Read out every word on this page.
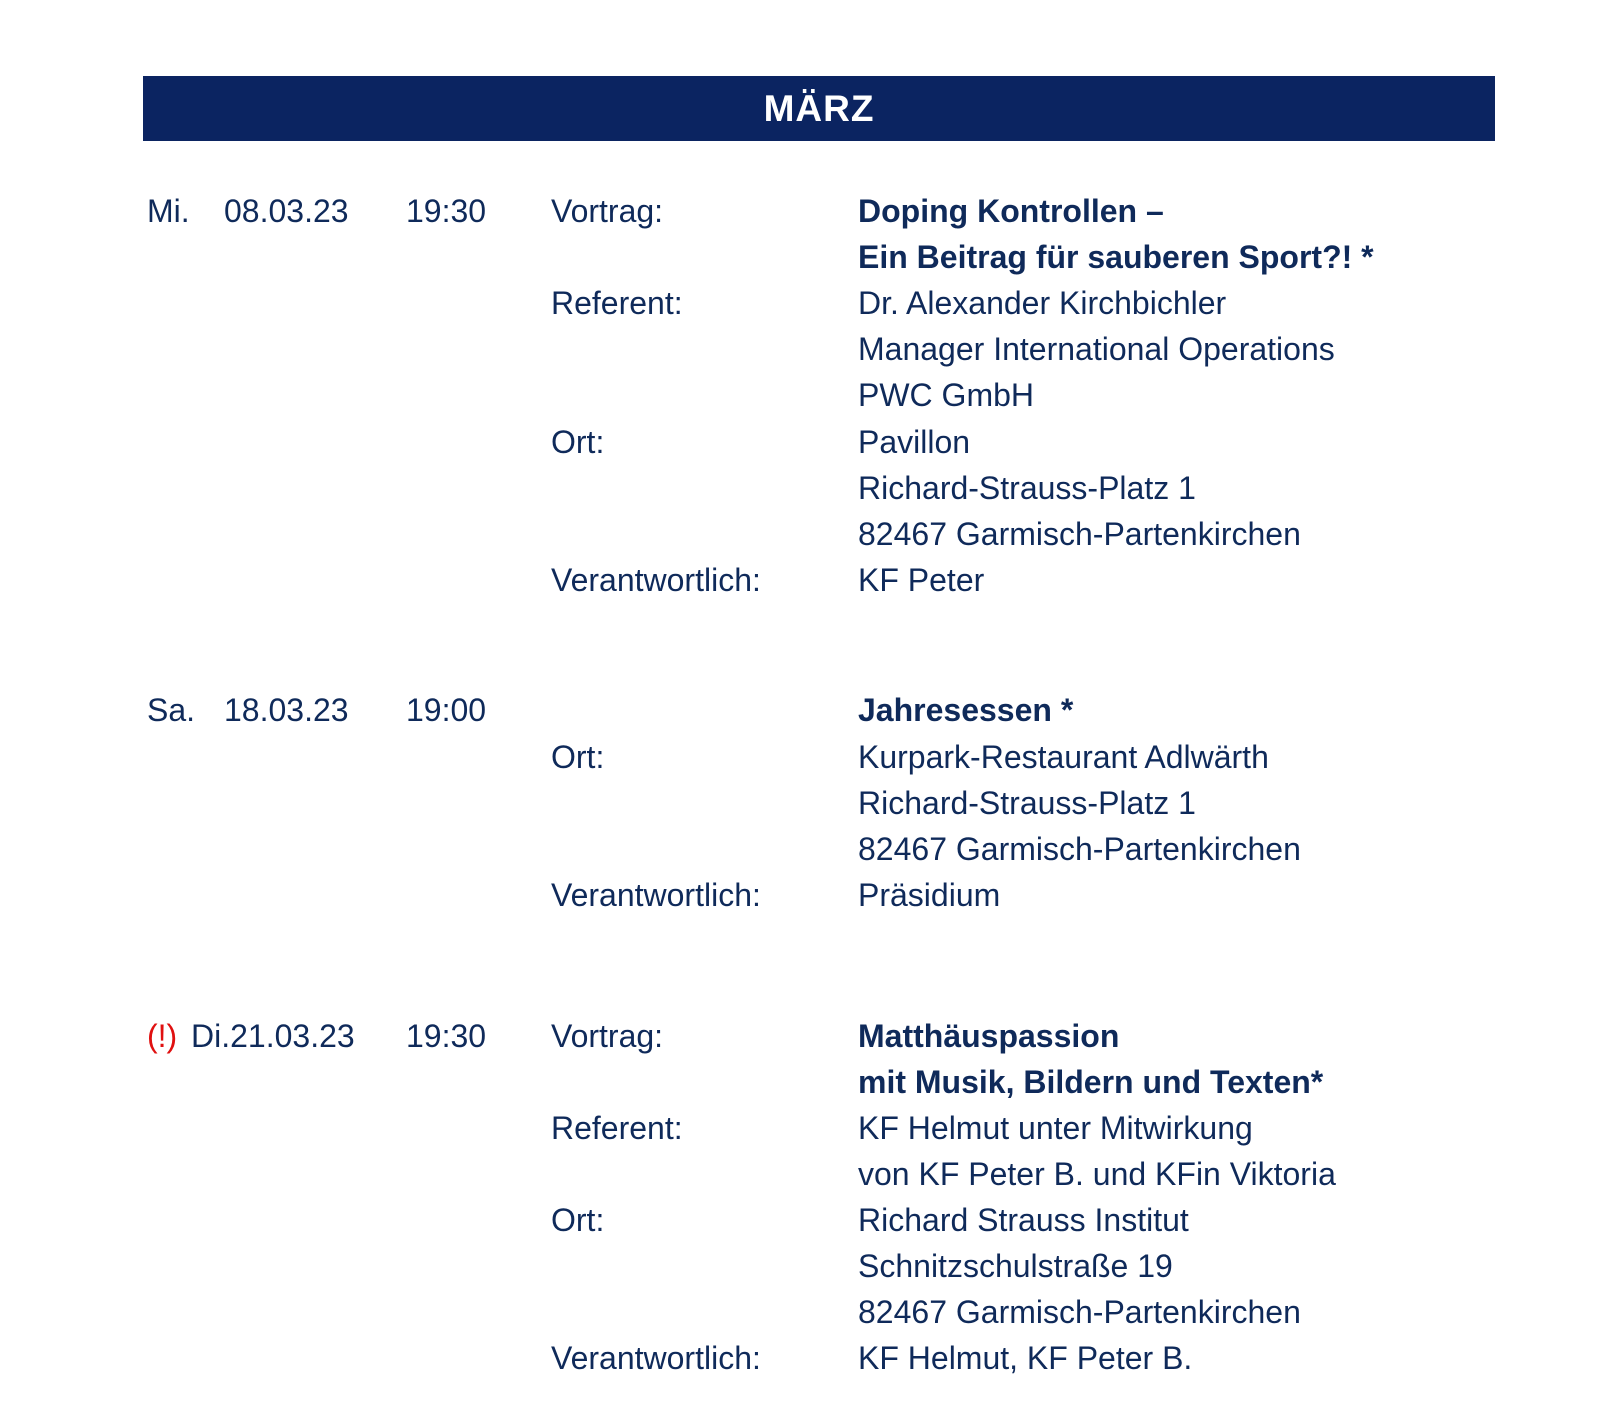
MÄRZ
Mi. 08.03.23 19:30 Vortrag:	Doping Kontrollen –
Ein Beitrag für sauberen Sport?! *
Referent:	Dr. Alexander Kirchbichler
Manager International Operations
PWC GmbH
Ort:	Pavillon
Richard-Strauss-Platz 1
82467 Garmisch-Partenkirchen
Verantwortlich:	KF Peter
Sa. 18.03.23 19:00	Jahresessen *
Ort:	Kurpark-Restaurant Adlwärth
Richard-Strauss-Platz 1
82467 Garmisch-Partenkirchen
Verantwortlich:	Präsidium
(!) Di.21.03.23 19:30 Vortrag:	Matthäuspassion
mit Musik, Bildern und Texten*
Referent:	KF Helmut unter Mitwirkung
von KF Peter B. und KFin Viktoria
Ort:	Richard Strauss Institut
Schnitzschulstraße 19
82467 Garmisch-Partenkirchen
Verantwortlich:	KF Helmut, KF Peter B.
